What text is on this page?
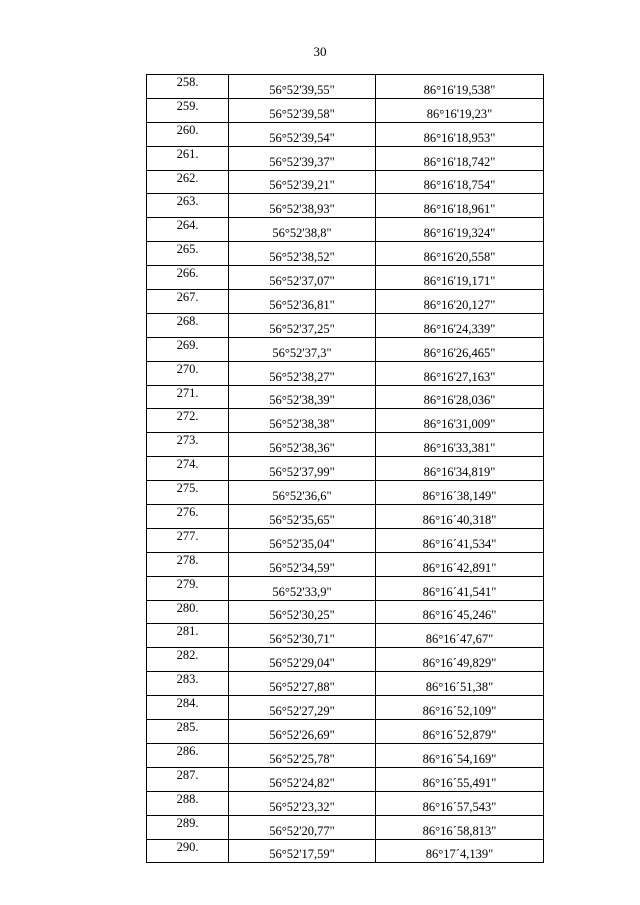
30
258.	56°52'39,55"	86°16'19,538"
259.	56°52'39,58"	86°16'19,23"
260.	56°52'39,54"	86°16'18,953"
261.	56°52'39,37"	86°16'18,742"
262.	56°52'39,21"	86°16'18,754"
263.	56°52'38,93"	86°16'18,961"
264.	56°52'38,8"	86°16'19,324"
265.	56°52'38,52"	86°16'20,558"
266.	56°52'37,07"	86°16'19,171"
267.	56°52'36,81"	86°16'20,127"
268.	56°52'37,25"	86°16'24,339"
269.	56°52'37,3"	86°16'26,465"
270.	56°52'38,27"	86°16'27,163"
271.	56°52'38,39"	86°16'28,036"
272.	56°52'38,38"	86°16'31,009"
273.	56°52'38,36"	86°16'33,381"
274.	56°52'37,99"	86°16'34,819"
275.	56°52'36,6"	86°16´38,149"
276.	56°52'35,65"	86°16´40,318"
277.	56°52'35,04"	86°16´41,534"
278.	56°52'34,59"	86°16´42,891"
279.	56°52'33,9"	86°16´41,541"
280.	56°52'30,25"	86°16´45,246"
281.	56°52'30,71"	86°16´47,67"
282.	56°52'29,04"	86°16´49,829"
283.	56°52'27,88"	86°16´51,38"
284.	56°52'27,29"	86°16´52,109"
285.	56°52'26,69"	86°16´52,879"
286.	56°52'25,78"	86°16´54,169"
287.	56°52'24,82"	86°16´55,491"
288.	56°52'23,32"	86°16´57,543"
289.	56°52'20,77"	86°16´58,813"
290.	56°52'17,59"	86°17´4,139"
